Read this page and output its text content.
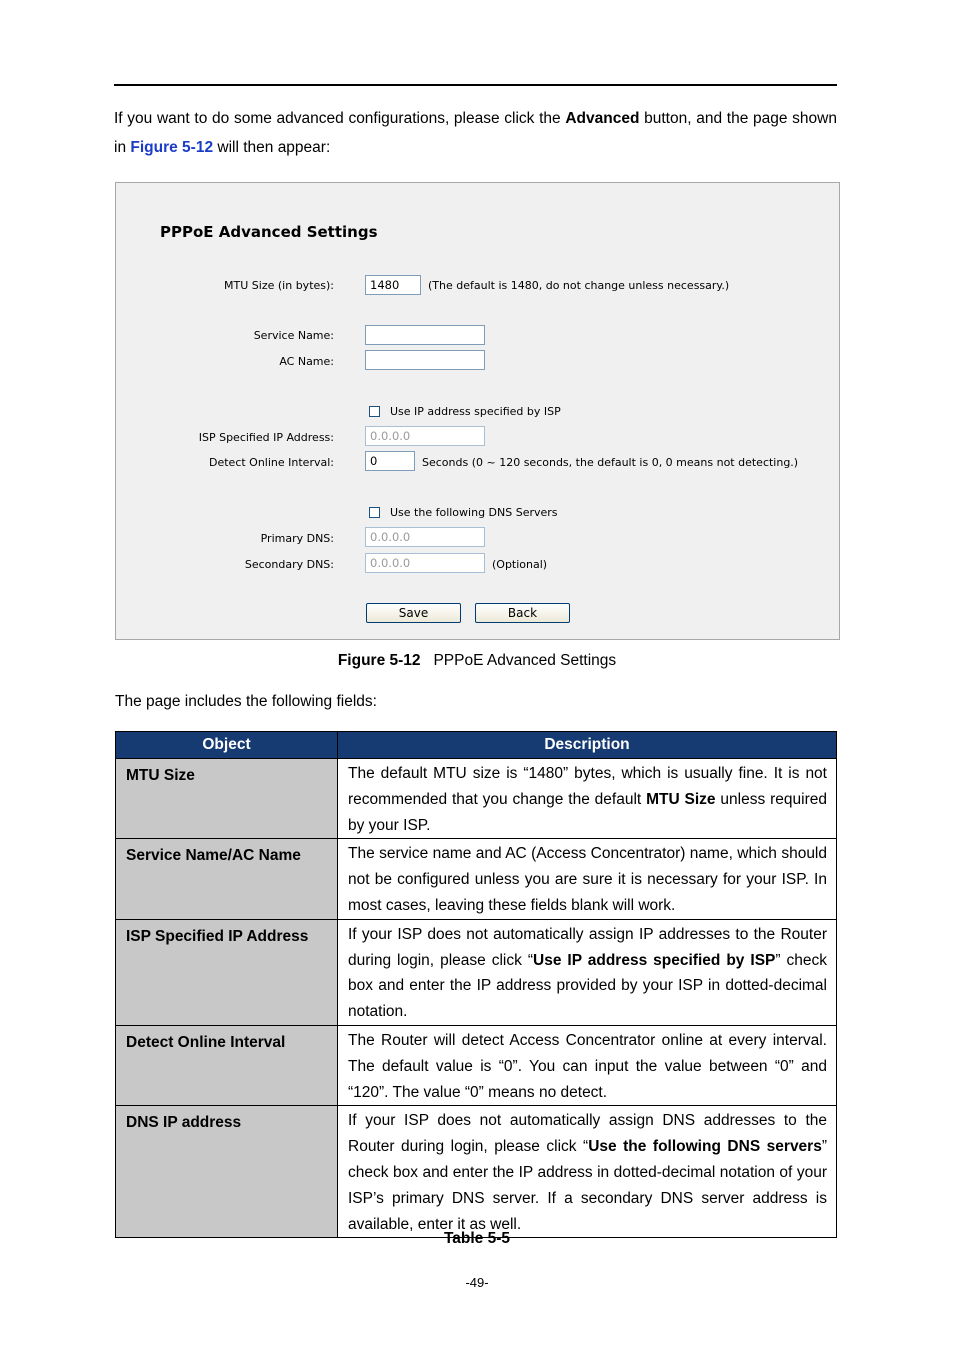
If you want to do some advanced configurations, please click the Advanced button, and the page shown in Figure 5-12 will then appear:
PPPoE Advanced Settings
MTU Size (in bytes):	1480	(The default is 1480, do not change unless necessary.)
Service Name:
AC Name:
Use IP address specified by ISP
ISP Specified IP Address:	0.0.0.0
Detect Online Interval:	0	Seconds (0 ~ 120 seconds, the default is 0, 0 means not detecting.)
Use the following DNS Servers
Primary DNS:	0.0.0.0
Secondary DNS:	0.0.0.0	(Optional)
Save	Back
Figure 5-12 PPPoE Advanced Settings
The page includes the following fields:
Object	Description
MTU Size	The default MTU size is “1480” bytes, which is usually fine. It is not recommended that you change the default MTU Size unless required by your ISP.
Service Name/AC Name	The service name and AC (Access Concentrator) name, which should not be configured unless you are sure it is necessary for your ISP. In most cases, leaving these fields blank will work.
ISP Specified IP Address	If your ISP does not automatically assign IP addresses to the Router during login, please click “Use IP address specified by ISP” check box and enter the IP address provided by your ISP in dotted-decimal notation.
Detect Online Interval	The Router will detect Access Concentrator online at every interval. The default value is “0”. You can input the value between “0” and “120”. The value “0” means no detect.
DNS IP address	If your ISP does not automatically assign DNS addresses to the Router during login, please click “Use the following DNS servers” check box and enter the IP address in dotted-decimal notation of your ISP’s primary DNS server. If a secondary DNS server address is available, enter it as well.
Table 5-5
-49-
